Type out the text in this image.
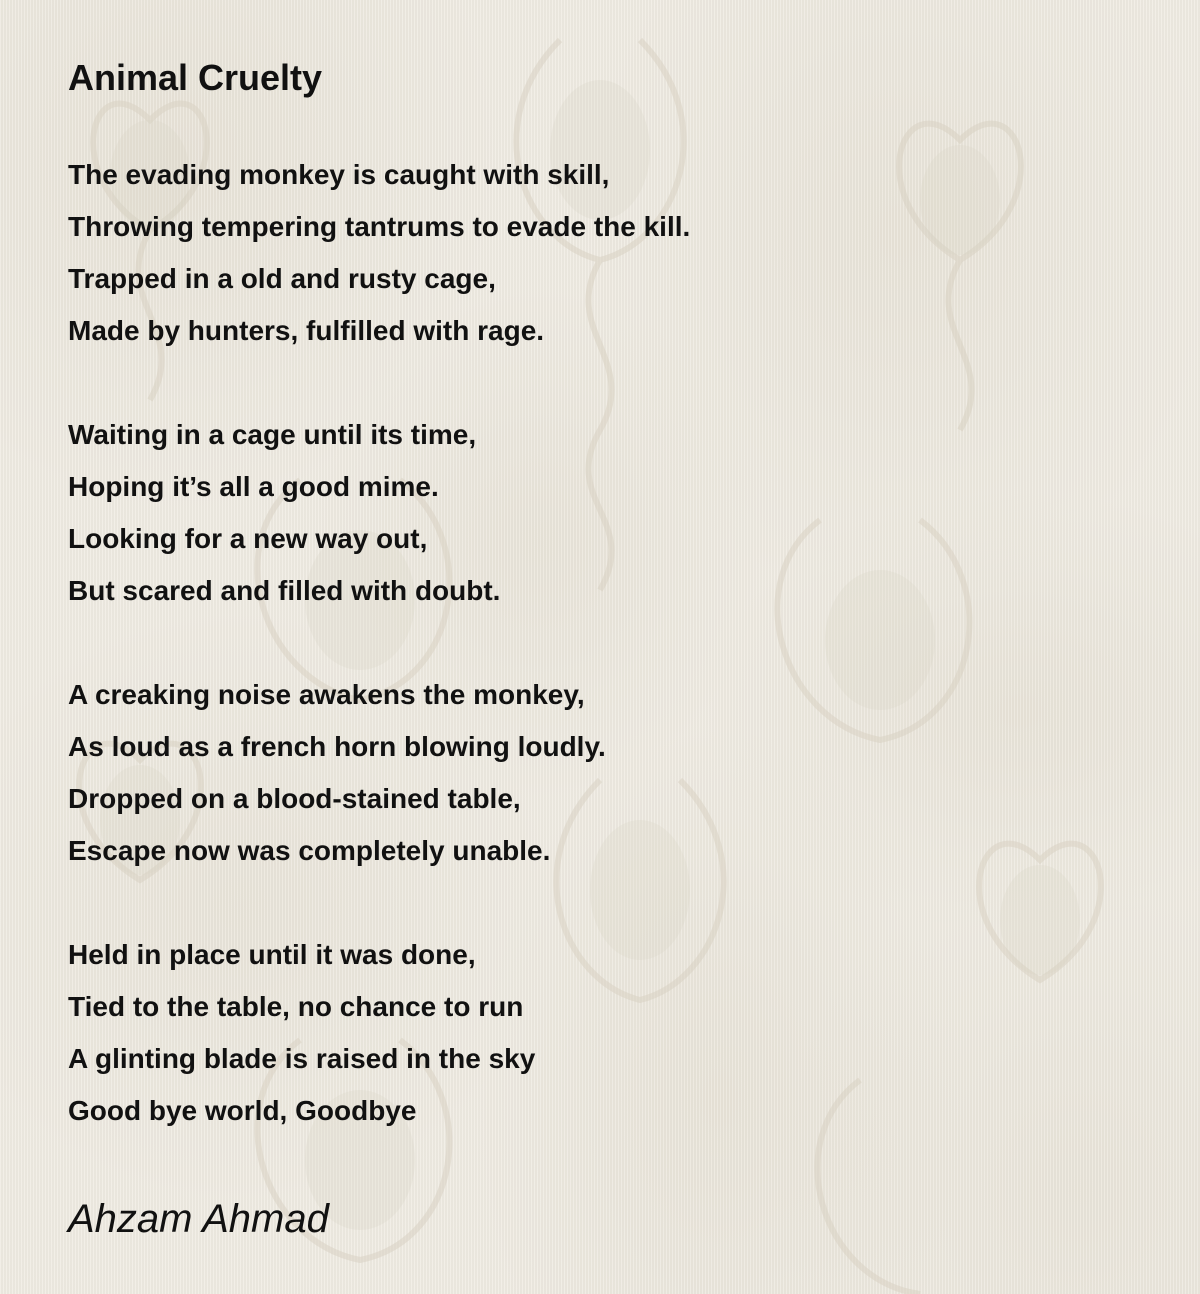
Animal Cruelty
The evading monkey is caught with skill,
Throwing tempering tantrums to evade the kill.
Trapped in a old and rusty cage,
Made by hunters, fulfilled with rage.
Waiting in a cage until its time,
Hoping it’s all a good mime.
Looking for a new way out,
But scared and filled with doubt.
A creaking noise awakens the monkey,
As loud as a french horn blowing loudly.
Dropped on a blood-stained table,
Escape now was completely unable.
Held in place until it was done,
Tied to the table, no chance to run
A glinting blade is raised in the sky
Good bye world, Goodbye
Ahzam Ahmad
